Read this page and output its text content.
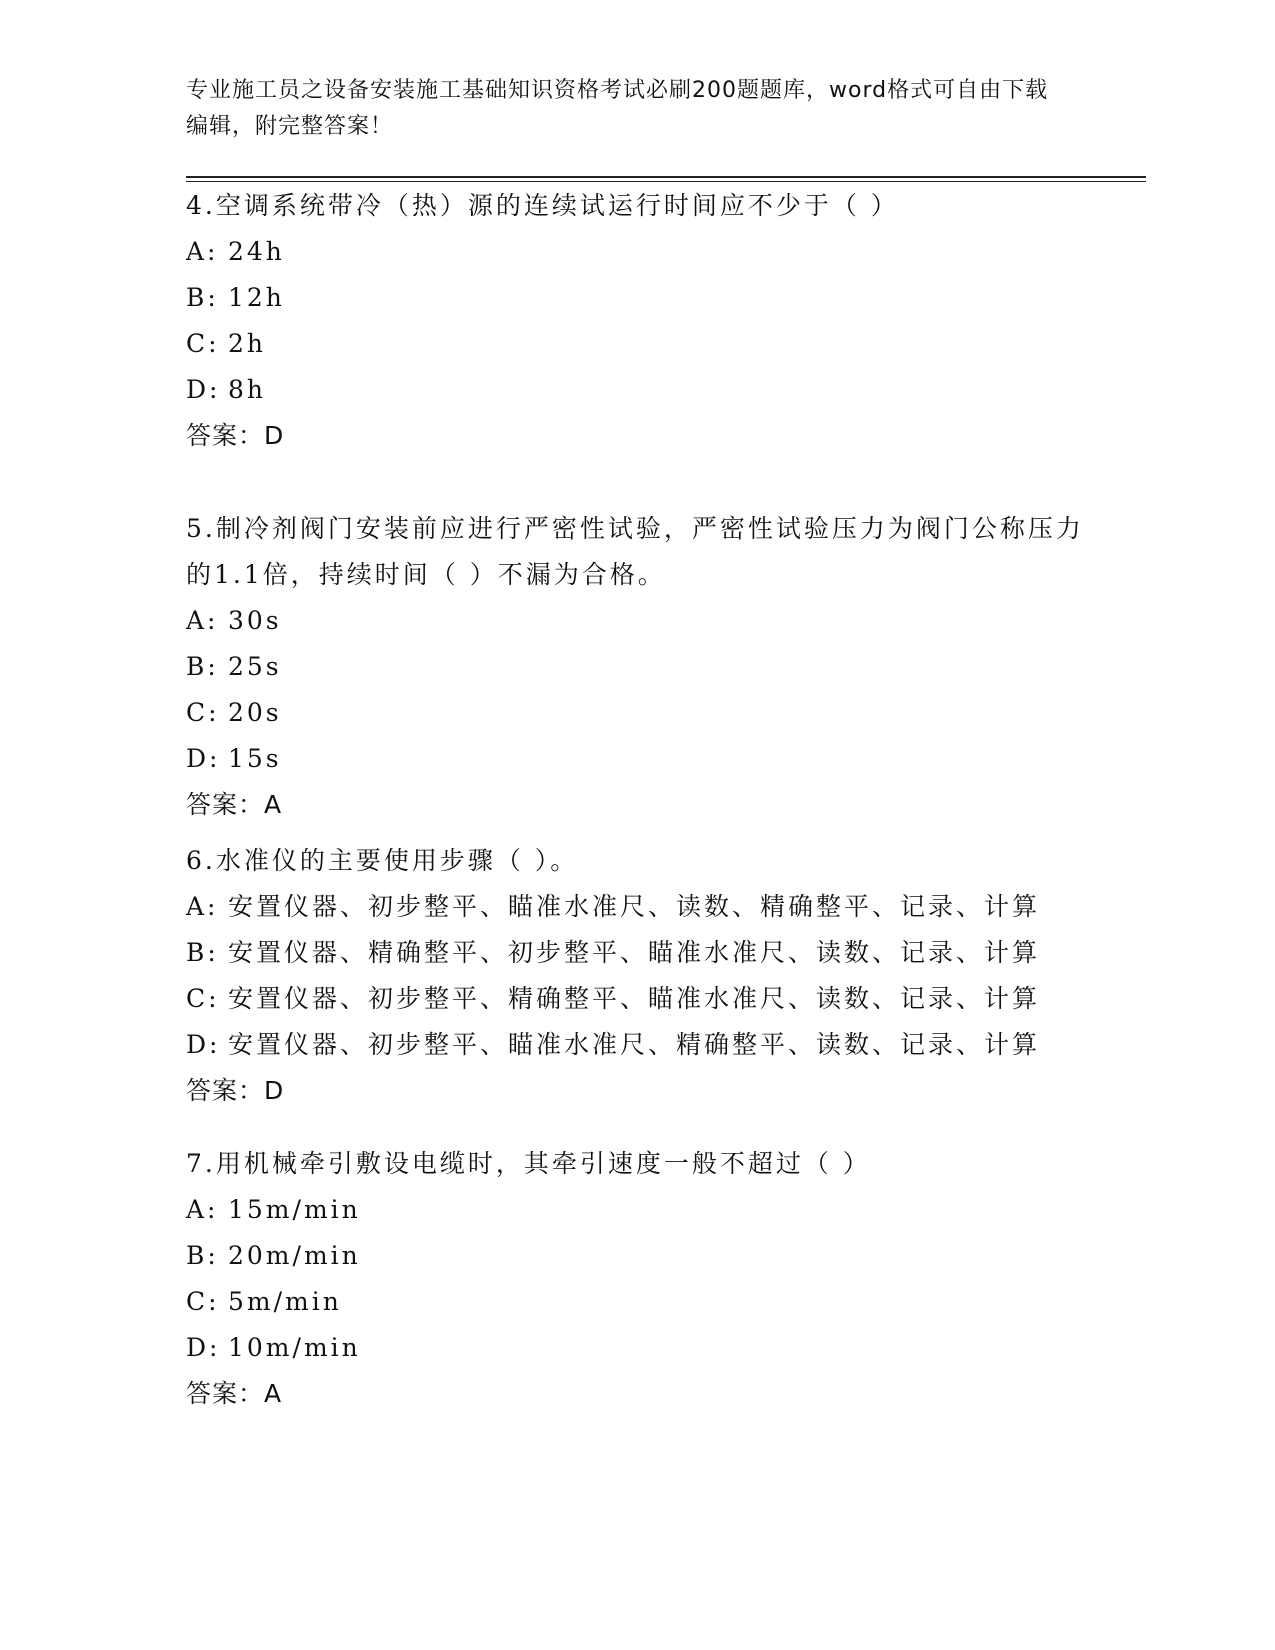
专业施工员之设备安装施工基础知识资格考试必刷200题题库，word格式可自由下载编辑，附完整答案！
4.空调系统带冷（热）源的连续试运行时间应不少于（ ）
A: 24h
B: 12h
C: 2h
D: 8h
答案：D
5.制冷剂阀门安装前应进行严密性试验，严密性试验压力为阀门公称压力的1.1倍，持续时间（ ）不漏为合格。
A: 30s
B: 25s
C: 20s
D: 15s
答案：A
6.水准仪的主要使用步骤（ ）。
A: 安置仪器、初步整平、瞄准水准尺、读数、精确整平、记录、计算
B: 安置仪器、精确整平、初步整平、瞄准水准尺、读数、记录、计算
C: 安置仪器、初步整平、精确整平、瞄准水准尺、读数、记录、计算
D: 安置仪器、初步整平、瞄准水准尺、精确整平、读数、记录、计算
答案：D
7.用机械牵引敷设电缆时，其牵引速度一般不超过（ ）
A: 15m/min
B: 20m/min
C: 5m/min
D: 10m/min
答案：A
